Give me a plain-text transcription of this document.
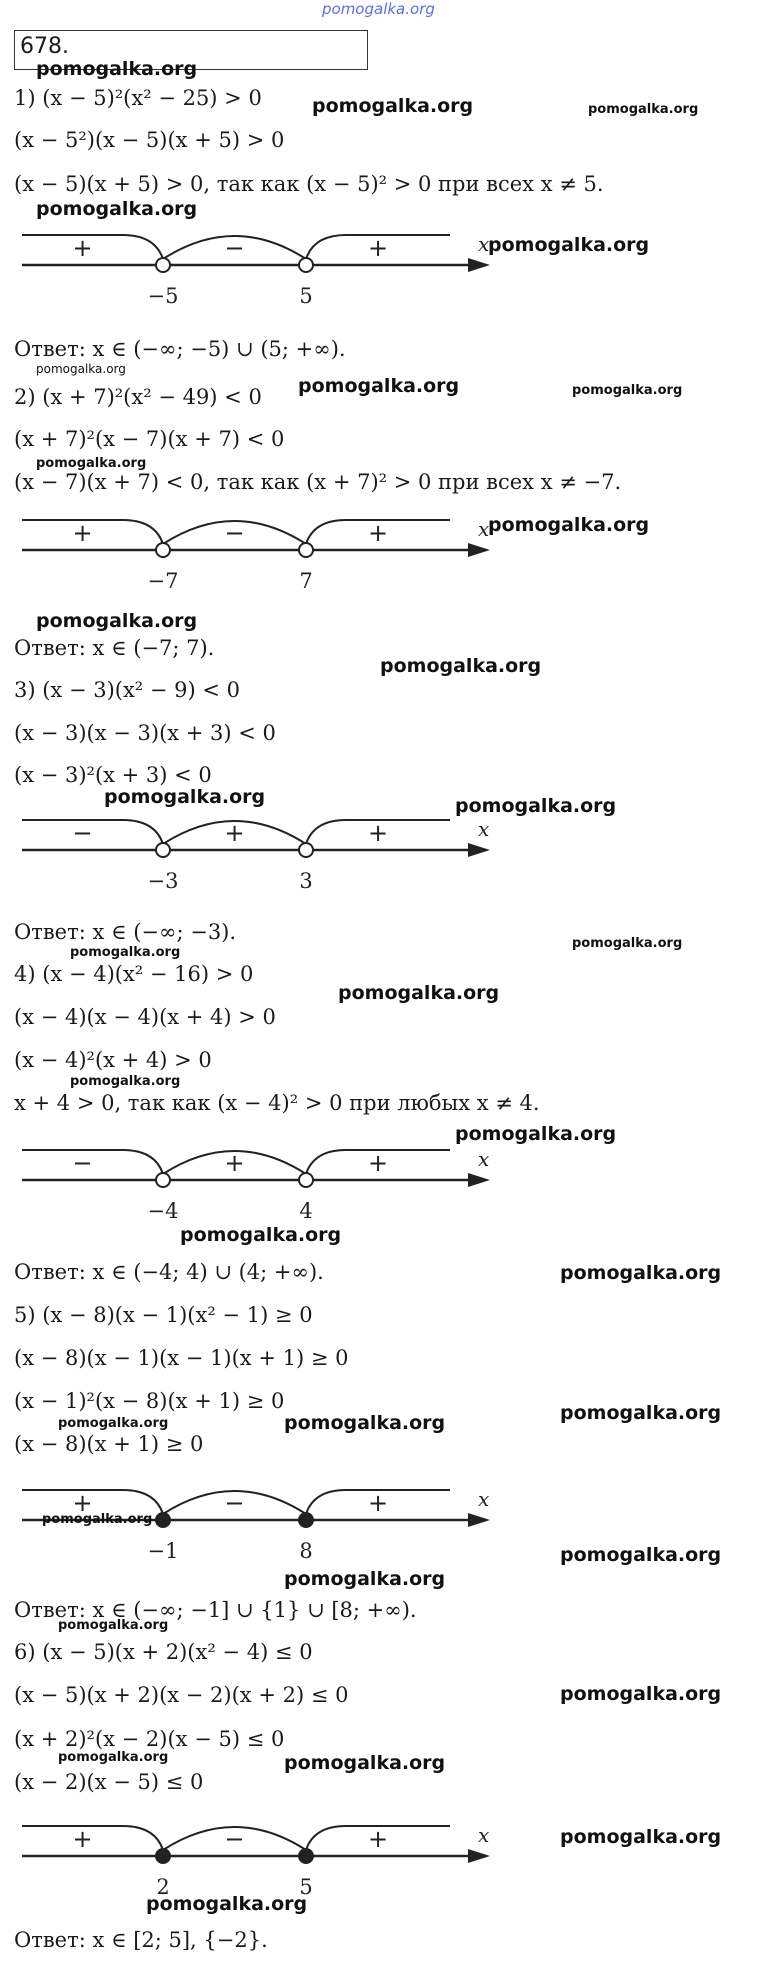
pomogalka.org
678.
1) (x − 5)²(x² − 25) > 0
(x − 5²)(x − 5)(x + 5) > 0
(x − 5)(x + 5) > 0, так как (x − 5)² > 0 при всех x ≠ 5.
x
+	−	+
−5	5
Ответ: x ∈ (−∞; −5) ∪ (5; +∞).
2) (x + 7)²(x² − 49) < 0
(x + 7)²(x − 7)(x + 7) < 0
(x − 7)(x + 7) < 0, так как (x + 7)² > 0 при всех x ≠ −7.
x
+	−	+
−7	7
Ответ: x ∈ (−7; 7).
3) (x − 3)(x² − 9) < 0
(x − 3)(x − 3)(x + 3) < 0
(x − 3)²(x + 3) < 0
x
−	+	+
−3	3
Ответ: x ∈ (−∞; −3).
4) (x − 4)(x² − 16) > 0
(x − 4)(x − 4)(x + 4) > 0
(x − 4)²(x + 4) > 0
x + 4 > 0, так как (x − 4)² > 0 при любых x ≠ 4.
x
−	+	+
−4	4
Ответ: x ∈ (−4; 4) ∪ (4; +∞).
5) (x − 8)(x − 1)(x² − 1) ≥ 0
(x − 8)(x − 1)(x − 1)(x + 1) ≥ 0
(x − 1)²(x − 8)(x + 1) ≥ 0
(x − 8)(x + 1) ≥ 0
x
+	−	+
−1	8
Ответ: x ∈ (−∞; −1] ∪ {1} ∪ [8; +∞).
6) (x − 5)(x + 2)(x² − 4) ≤ 0
(x − 5)(x + 2)(x − 2)(x + 2) ≤ 0
(x + 2)²(x − 2)(x − 5) ≤ 0
(x − 2)(x − 5) ≤ 0
x
+	−	+
2	5
Ответ: x ∈ [2; 5], {−2}.
pomogalka.org
pomogalka.org	pomogalka.org
pomogalka.org
pomogalka.org
pomogalka.org
pomogalka.org	pomogalka.org
pomogalka.org
pomogalka.org
pomogalka.org
pomogalka.org
pomogalka.org	pomogalka.org
pomogalka.org
pomogalka.org
pomogalka.org
pomogalka.org
pomogalka.org
pomogalka.org
pomogalka.org
pomogalka.org
pomogalka.org	pomogalka.org
pomogalka.org
pomogalka.org
pomogalka.org
pomogalka.org
pomogalka.org
pomogalka.org	pomogalka.org
pomogalka.org
pomogalka.org
